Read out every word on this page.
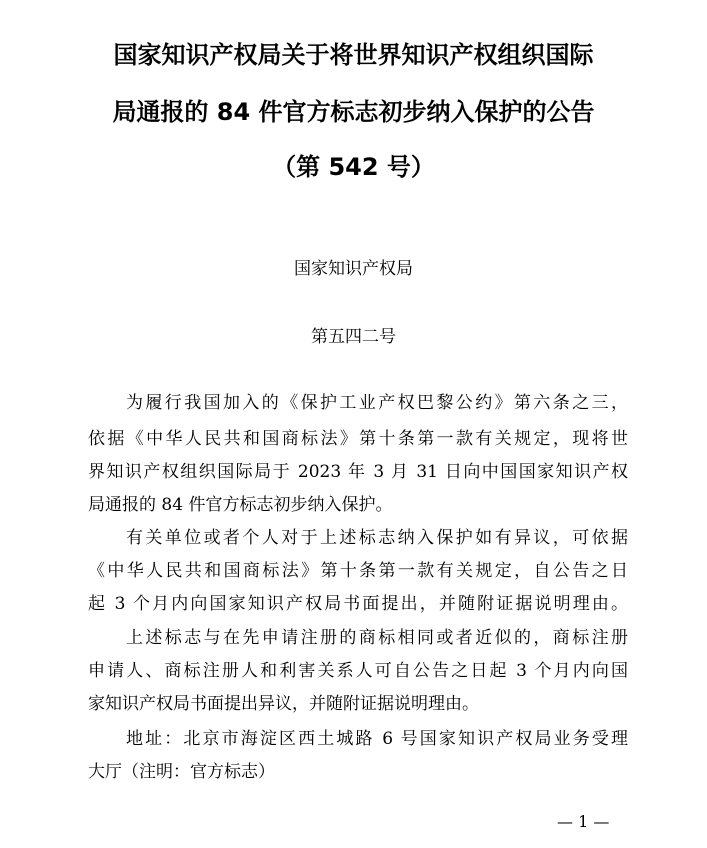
国家知识产权局关于将世界知识产权组织国际
局通报的 84 件官方标志初步纳入保护的公告
（第 542 号）
国家知识产权局
第五四二号
为履行我国加入的《保护工业产权巴黎公约》第六条之三，
依据《中华人民共和国商标法》第十条第一款有关规定，现将世
界知识产权组织国际局于 2023 年 3 月 31 日向中国国家知识产权
局通报的 84 件官方标志初步纳入保护。
有关单位或者个人对于上述标志纳入保护如有异议，可依据
《中华人民共和国商标法》第十条第一款有关规定，自公告之日
起 3 个月内向国家知识产权局书面提出，并随附证据说明理由。
上述标志与在先申请注册的商标相同或者近似的，商标注册
申请人、商标注册人和利害关系人可自公告之日起 3 个月内向国
家知识产权局书面提出异议，并随附证据说明理由。
地址：北京市海淀区西土城路 6 号国家知识产权局业务受理
大厅（注明：官方标志）
— 1 —
